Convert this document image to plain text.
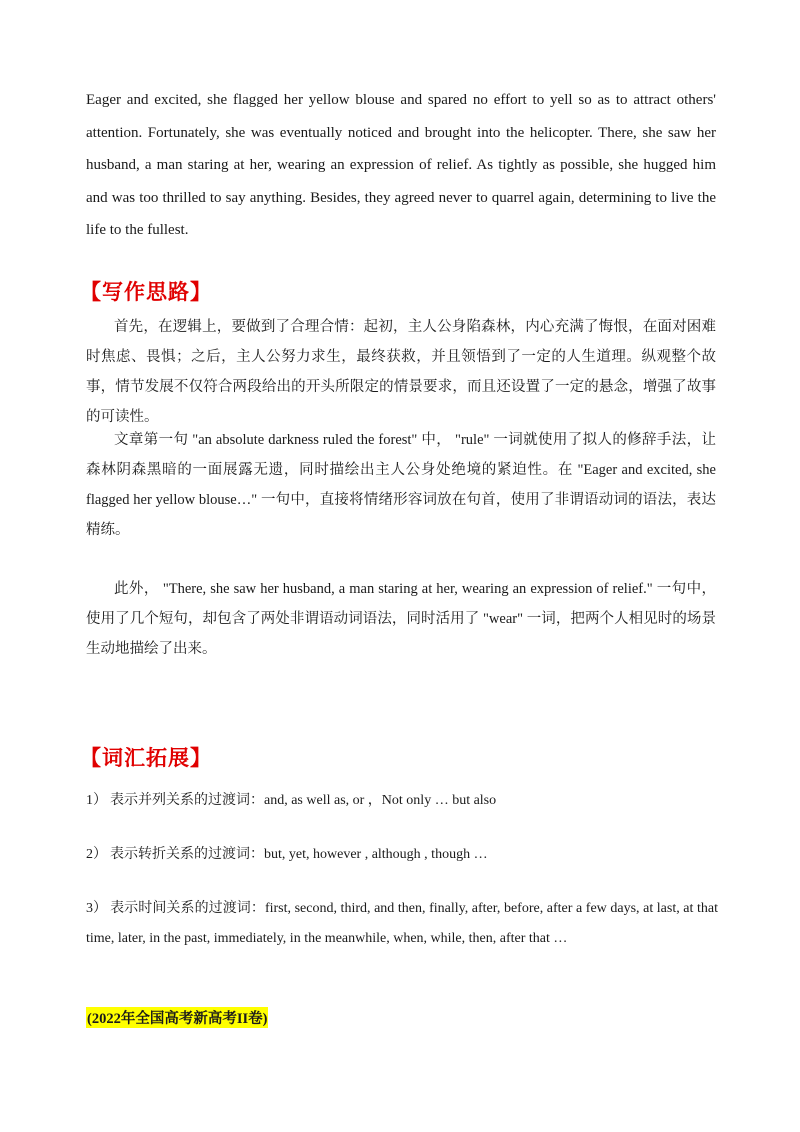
Eager and excited, she flagged her yellow blouse and spared no effort to yell so as to attract others' attention. Fortunately, she was eventually noticed and brought into the helicopter. There, she saw her husband, a man staring at her, wearing an expression of relief. As tightly as possible, she hugged him and was too thrilled to say anything. Besides, they agreed never to quarrel again, determining to live the life to the fullest.

【写作思路】

首先，在逻辑上，要做到了合理合情：起初，主人公身陷森林，内心充满了悔恨，在面对困难时焦虑、畏惧；之后，主人公努力求生，最终获救，并且领悟到了一定的人生道理。纵观整个故事，情节发展不仅符合两段给出的开头所限定的情景要求，而且还设置了一定的悬念，增强了故事的可读性。

文章第一句 "an absolute darkness ruled the forest" 中， "rule" 一词就使用了拟人的修辞手法，让森林阴森黑暗的一面展露无遗，同时描绘出主人公身处绝境的紧迫性。在 "Eager and excited, she flagged her yellow blouse…" 一句中，直接将情绪形容词放在句首，使用了非谓语动词的语法，表达精练。

此外， "There, she saw her husband, a man staring at her, wearing an expression of relief." 一句中，使用了几个短句，却包含了两处非谓语动词语法，同时活用了 "wear" 一词，把两个人相见时的场景生动地描绘了出来。

【词汇拓展】

1） 表示并列关系的过渡词：and, as well as, or ，Not only … but also

2） 表示转折关系的过渡词：but, yet, however , although , though …

3） 表示时间关系的过渡词：first, second, third, and then, finally, after, before, after a few days, at last, at that time, later, in the past, immediately, in the meanwhile, when, while, then, after that …

(2022年全国高考新高考II卷)
